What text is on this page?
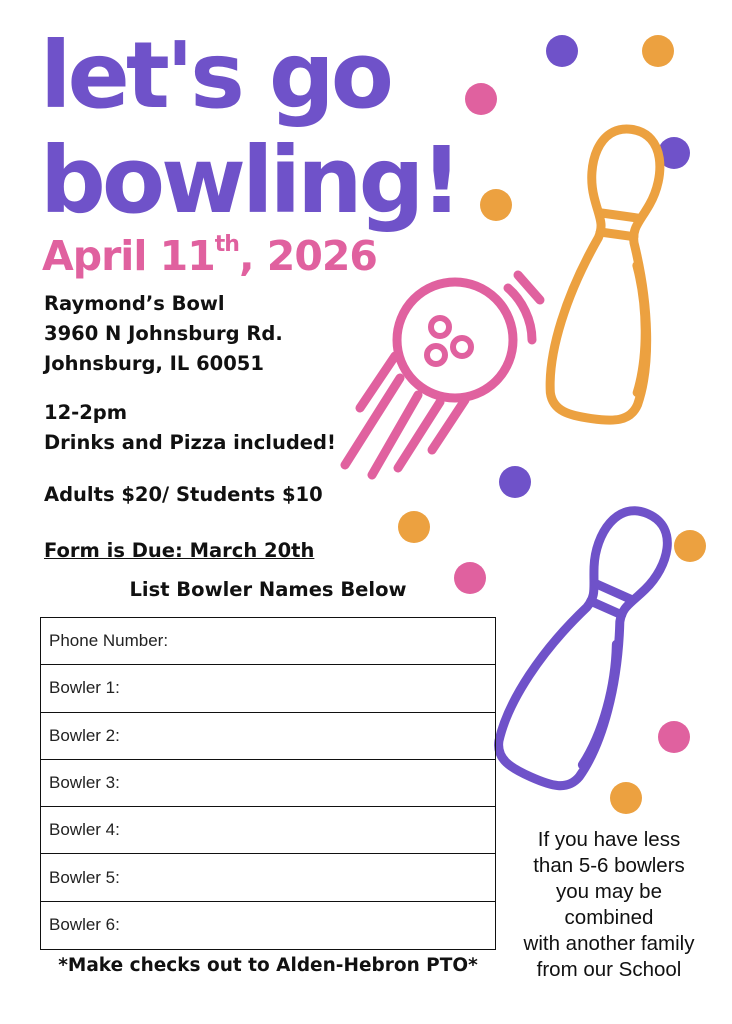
let's go
bowling!
April 11th, 2026
Raymond’s Bowl
3960 N Johnsburg Rd.
Johnsburg, IL 60051
12-2pm
Drinks and Pizza included!
Adults $20/ Students $10
Form is Due: March 20th
List Bowler Names Below
Phone Number:
Bowler 1:
Bowler 2:
Bowler 3:
Bowler 4:
Bowler 5:
Bowler 6:
*Make checks out to Alden-Hebron PTO*
If you have less
than 5-6 bowlers
you may be
combined
with another family
from our School
